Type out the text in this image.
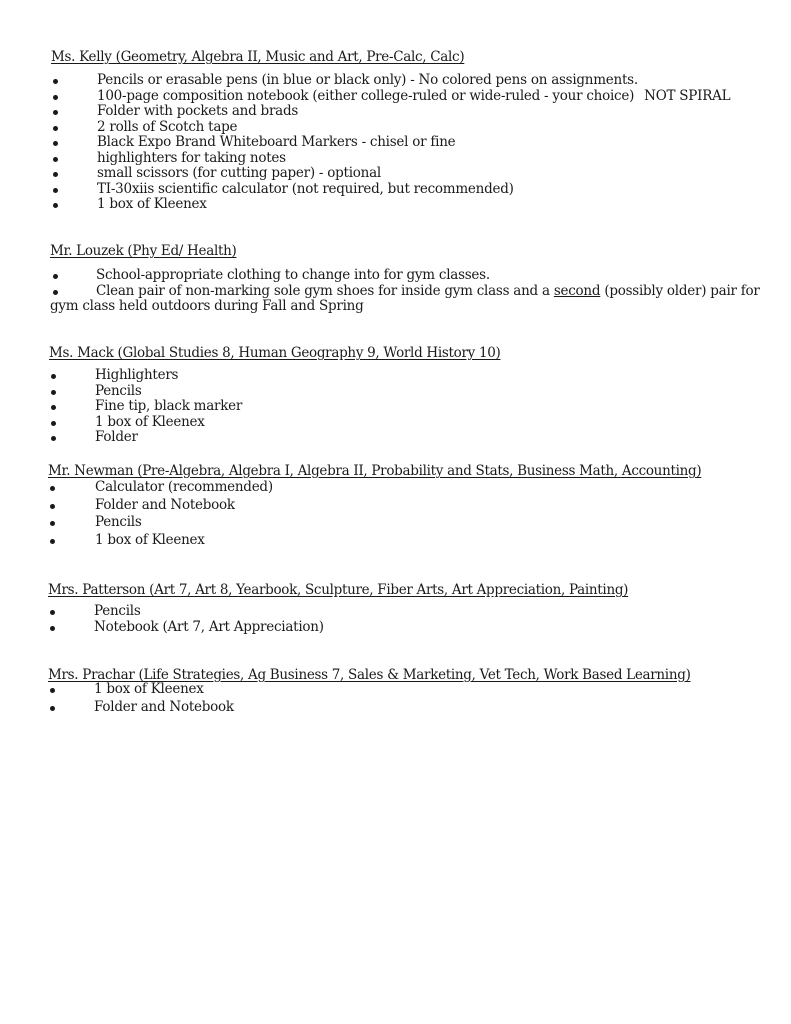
Ms. Kelly (Geometry, Algebra II, Music and Art, Pre-Calc, Calc)
Pencils or erasable pens (in blue or black only) - No colored pens on assignments.
100-page composition notebook (either college-ruled or wide-ruled - your choice) NOT SPIRAL
Folder with pockets and brads
2 rolls of Scotch tape
Black Expo Brand Whiteboard Markers - chisel or fine
highlighters for taking notes
small scissors (for cutting paper) - optional
TI-30xiis scientific calculator (not required, but recommended)
1 box of Kleenex
Mr. Louzek (Phy Ed/ Health)
School-appropriate clothing to change into for gym classes.
Clean pair of non-marking sole gym shoes for inside gym class and a second (possibly older) pair for
gym class held outdoors during Fall and Spring
Ms. Mack (Global Studies 8, Human Geography 9, World History 10)
Highlighters
Pencils
Fine tip, black marker
1 box of Kleenex
Folder
Mr. Newman (Pre-Algebra, Algebra I, Algebra II, Probability and Stats, Business Math, Accounting)
Calculator (recommended)
Folder and Notebook
Pencils
1 box of Kleenex
Mrs. Patterson (Art 7, Art 8, Yearbook, Sculpture, Fiber Arts, Art Appreciation, Painting)
Pencils
Notebook (Art 7, Art Appreciation)
Mrs. Prachar (Life Strategies, Ag Business 7, Sales & Marketing, Vet Tech, Work Based Learning)
1 box of Kleenex
Folder and Notebook
